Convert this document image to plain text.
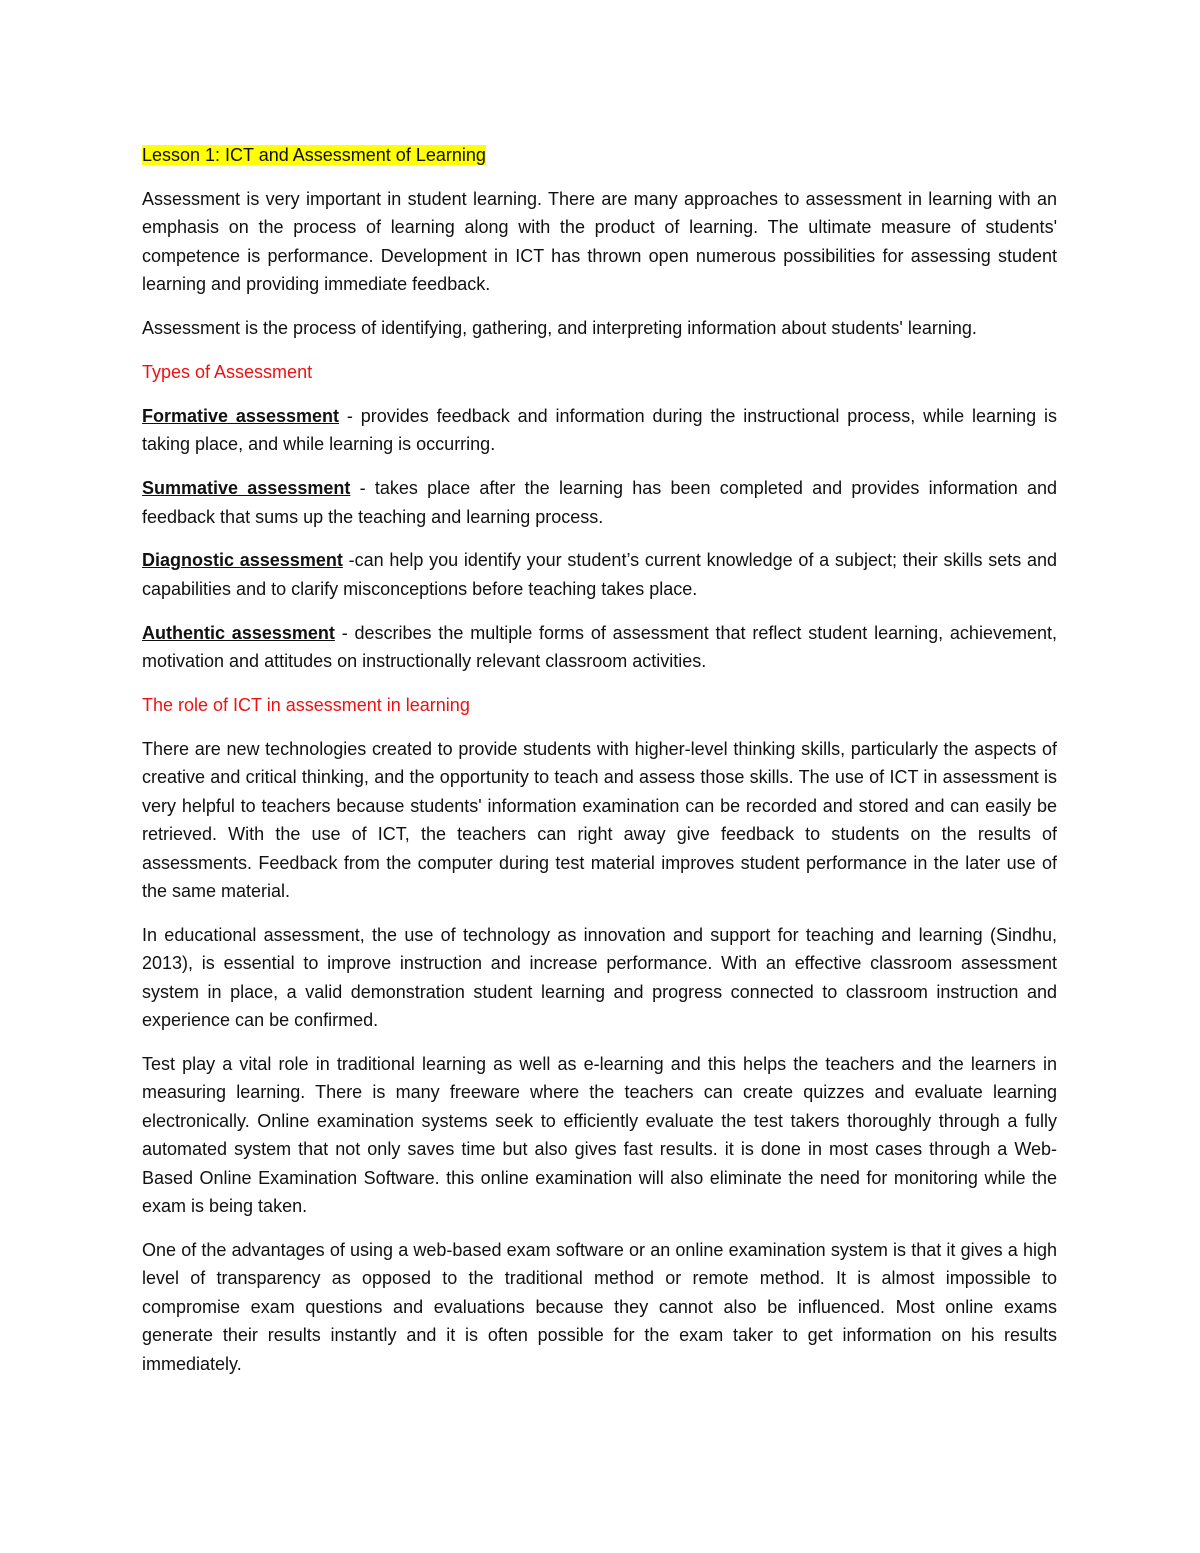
Lesson 1: ICT and Assessment of Learning

Assessment is very important in student learning. There are many approaches to assessment in learning with an emphasis on the process of learning along with the product of learning. The ultimate measure of students' competence is performance. Development in ICT has thrown open numerous possibilities for assessing student learning and providing immediate feedback.

Assessment is the process of identifying, gathering, and interpreting information about students' learning.

Types of Assessment

Formative assessment - provides feedback and information during the instructional process, while learning is taking place, and while learning is occurring.

Summative assessment - takes place after the learning has been completed and provides information and feedback that sums up the teaching and learning process.

Diagnostic assessment -can help you identify your student’s current knowledge of a subject; their skills sets and capabilities and to clarify misconceptions before teaching takes place.

Authentic assessment - describes the multiple forms of assessment that reflect student learning, achievement, motivation and attitudes on instructionally relevant classroom activities.

The role of ICT in assessment in learning

There are new technologies created to provide students with higher-level thinking skills, particularly the aspects of creative and critical thinking, and the opportunity to teach and assess those skills. The use of ICT in assessment is very helpful to teachers because students' information examination can be recorded and stored and can easily be retrieved. With the use of ICT, the teachers can right away give feedback to students on the results of assessments. Feedback from the computer during test material improves student performance in the later use of the same material.

In educational assessment, the use of technology as innovation and support for teaching and learning (Sindhu, 2013), is essential to improve instruction and increase performance. With an effective classroom assessment system in place, a valid demonstration student learning and progress connected to classroom instruction and experience can be confirmed.

Test play a vital role in traditional learning as well as e-learning and this helps the teachers and the learners in measuring learning. There is many freeware where the teachers can create quizzes and evaluate learning electronically. Online examination systems seek to efficiently evaluate the test takers thoroughly through a fully automated system that not only saves time but also gives fast results. it is done in most cases through a Web-Based Online Examination Software. this online examination will also eliminate the need for monitoring while the exam is being taken.

One of the advantages of using a web-based exam software or an online examination system is that it gives a high level of transparency as opposed to the traditional method or remote method. It is almost impossible to compromise exam questions and evaluations because they cannot also be influenced. Most online exams generate their results instantly and it is often possible for the exam taker to get information on his results immediately.
